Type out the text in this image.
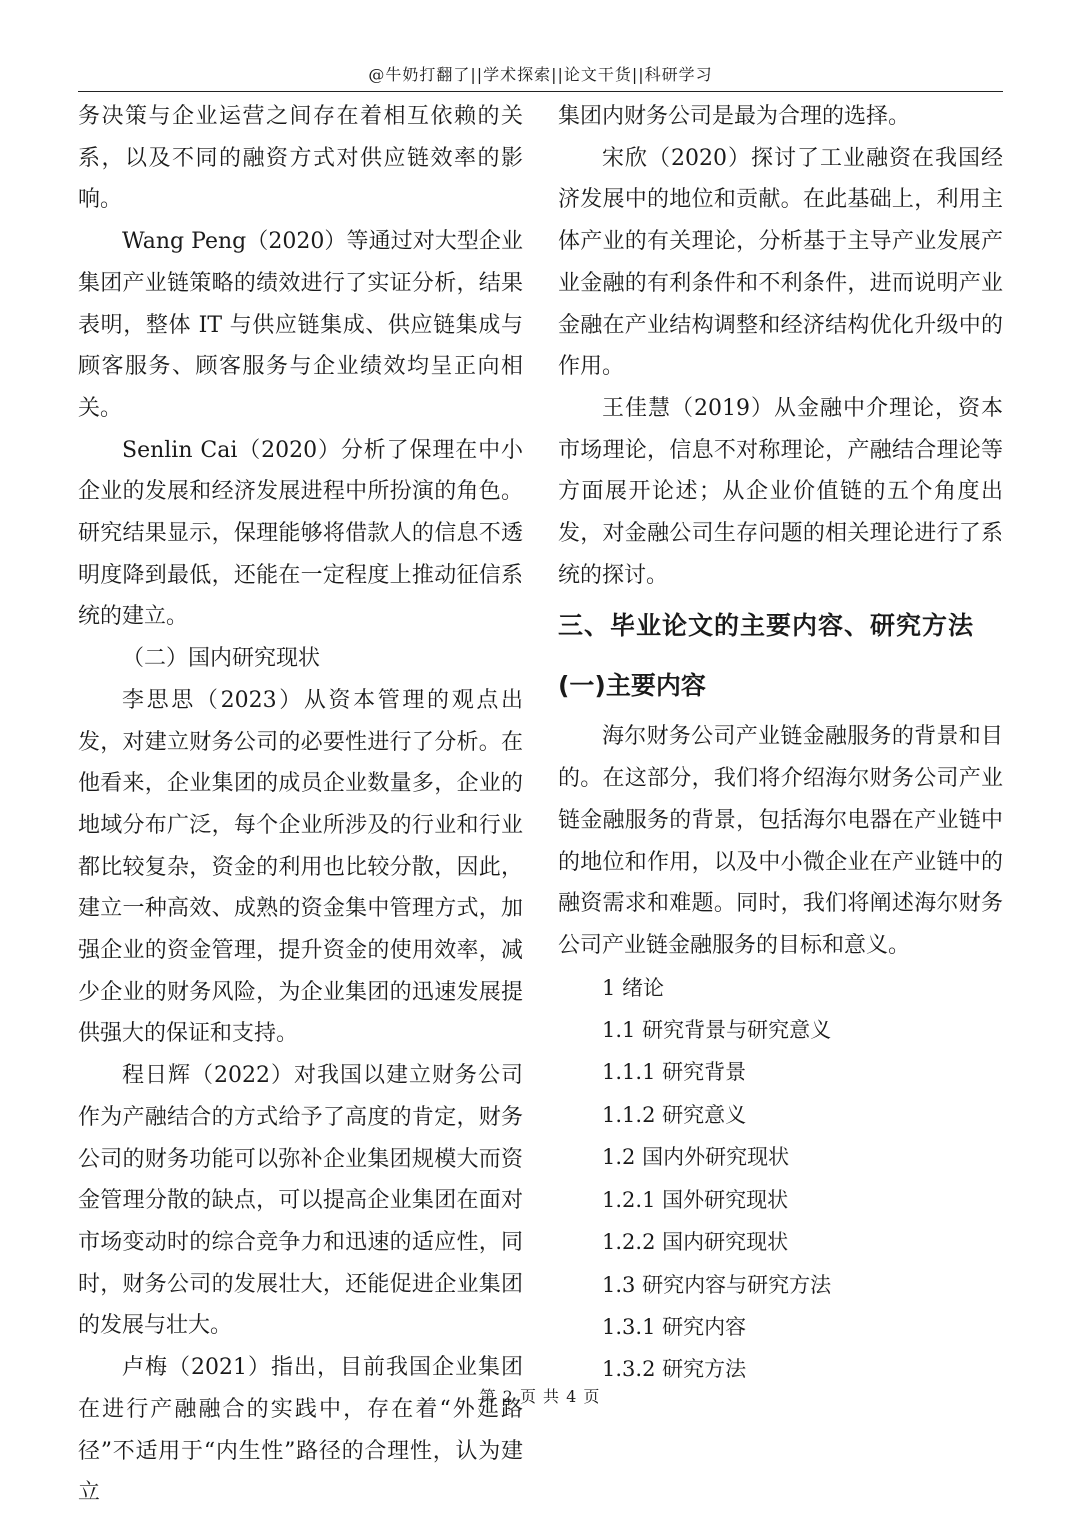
@牛奶打翻了||学术探索||论文干货||科研学习

务决策与企业运营之间存在着相互依赖的关系，以及不同的融资方式对供应链效率的影响。

Wang Peng（2020）等通过对大型企业集团产业链策略的绩效进行了实证分析，结果表明，整体 IT 与供应链集成、供应链集成与顾客服务、顾客服务与企业绩效均呈正向相关。

Senlin Cai（2020）分析了保理在中小企业的发展和经济发展进程中所扮演的角色。研究结果显示，保理能够将借款人的信息不透明度降到最低，还能在一定程度上推动征信系统的建立。

（二）国内研究现状

李思思（2023）从资本管理的观点出发，对建立财务公司的必要性进行了分析。在他看来，企业集团的成员企业数量多，企业的地域分布广泛，每个企业所涉及的行业和行业都比较复杂，资金的利用也比较分散，因此，建立一种高效、成熟的资金集中管理方式，加强企业的资金管理，提升资金的使用效率，减少企业的财务风险，为企业集团的迅速发展提供强大的保证和支持。

程日辉（2022）对我国以建立财务公司作为产融结合的方式给予了高度的肯定，财务公司的财务功能可以弥补企业集团规模大而资金管理分散的缺点，可以提高企业集团在面对市场变动时的综合竞争力和迅速的适应性，同时，财务公司的发展壮大，还能促进企业集团的发展与壮大。

卢梅（2021）指出，目前我国企业集团在进行产融融合的实践中，存在着“外延路径”不适用于“内生性”路径的合理性，认为建立

集团内财务公司是最为合理的选择。

宋欣（2020）探讨了工业融资在我国经济发展中的地位和贡献。在此基础上，利用主体产业的有关理论，分析基于主导产业发展产业金融的有利条件和不利条件，进而说明产业金融在产业结构调整和经济结构优化升级中的作用。

王佳慧（2019）从金融中介理论，资本市场理论，信息不对称理论，产融结合理论等方面展开论述；从企业价值链的五个角度出发，对金融公司生存问题的相关理论进行了系统的探讨。

三、毕业论文的主要内容、研究方法
(一)主要内容

海尔财务公司产业链金融服务的背景和目的。在这部分，我们将介绍海尔财务公司产业链金融服务的背景，包括海尔电器在产业链中的地位和作用，以及中小微企业在产业链中的融资需求和难题。同时，我们将阐述海尔财务公司产业链金融服务的目标和意义。

1 绪论
1.1 研究背景与研究意义
1.1.1 研究背景
1.1.2 研究意义
1.2 国内外研究现状
1.2.1 国外研究现状
1.2.2 国内研究现状
1.3 研究内容与研究方法
1.3.1 研究内容
1.3.2 研究方法
第 2 页 共 4 页
